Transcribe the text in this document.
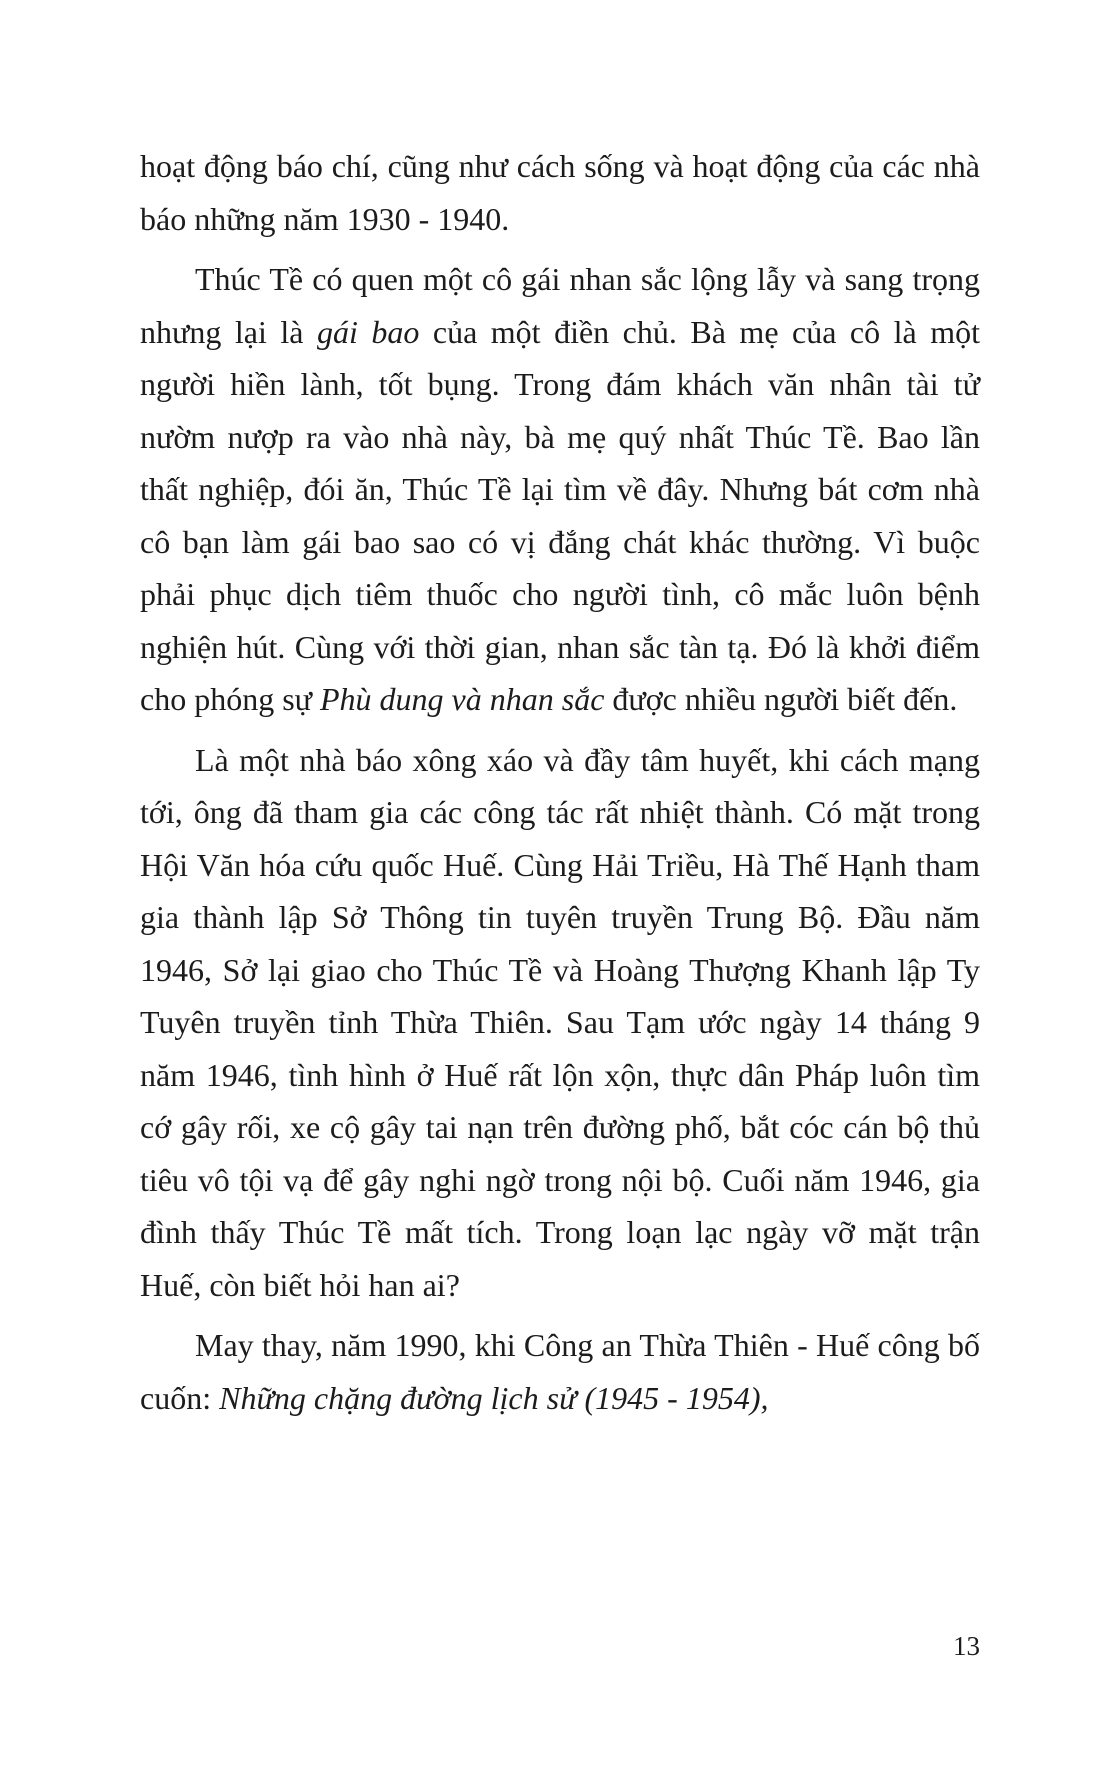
hoạt động báo chí, cũng như cách sống và hoạt động của các nhà báo những năm 1930 - 1940.

Thúc Tề có quen một cô gái nhan sắc lộng lẫy và sang trọng nhưng lại là gái bao của một điền chủ. Bà mẹ của cô là một người hiền lành, tốt bụng. Trong đám khách văn nhân tài tử nườm nượp ra vào nhà này, bà mẹ quý nhất Thúc Tề. Bao lần thất nghiệp, đói ăn, Thúc Tề lại tìm về đây. Nhưng bát cơm nhà cô bạn làm gái bao sao có vị đắng chát khác thường. Vì buộc phải phục dịch tiêm thuốc cho người tình, cô mắc luôn bệnh nghiện hút. Cùng với thời gian, nhan sắc tàn tạ. Đó là khởi điểm cho phóng sự Phù dung và nhan sắc được nhiều người biết đến.

Là một nhà báo xông xáo và đầy tâm huyết, khi cách mạng tới, ông đã tham gia các công tác rất nhiệt thành. Có mặt trong Hội Văn hóa cứu quốc Huế. Cùng Hải Triều, Hà Thế Hạnh tham gia thành lập Sở Thông tin tuyên truyền Trung Bộ. Đầu năm 1946, Sở lại giao cho Thúc Tề và Hoàng Thượng Khanh lập Ty Tuyên truyền tỉnh Thừa Thiên. Sau Tạm ước ngày 14 tháng 9 năm 1946, tình hình ở Huế rất lộn xộn, thực dân Pháp luôn tìm cớ gây rối, xe cộ gây tai nạn trên đường phố, bắt cóc cán bộ thủ tiêu vô tội vạ để gây nghi ngờ trong nội bộ. Cuối năm 1946, gia đình thấy Thúc Tề mất tích. Trong loạn lạc ngày vỡ mặt trận Huế, còn biết hỏi han ai?

May thay, năm 1990, khi Công an Thừa Thiên - Huế công bố cuốn: Những chặng đường lịch sử (1945 - 1954),

13
